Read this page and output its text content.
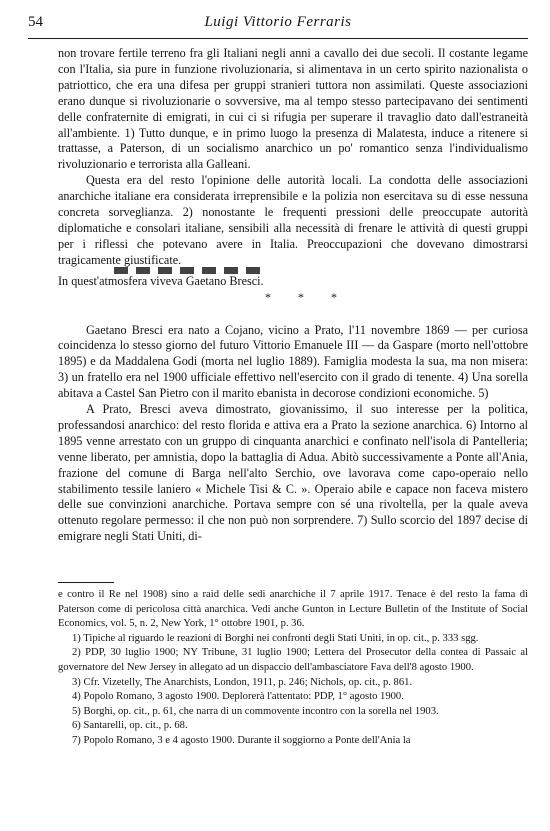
54	Luigi Vittorio Ferraris

non trovare fertile terreno fra gli Italiani negli anni a cavallo dei due secoli. Il costante legame con l'Italia, sia pure in funzione rivoluzionaria, si alimentava in un certo spirito nazionalista o patriottico, che era una difesa per gruppi stranieri tuttora non assimilati. Queste associazioni erano dunque si rivoluzionarie o sovversive, ma al tempo stesso partecipavano dei sentimenti delle confraternite di emigrati, in cui ci si rifugia per superare il travaglio dato dall'estraneità all'ambiente. 1) Tutto dunque, e in primo luogo la presenza di Malatesta, induce a ritenere si trattasse, a Paterson, di un socialismo anarchico un po' romantico senza l'individualismo rivoluzionario e terrorista alla Galleani.

Questa era del resto l'opinione delle autorità locali. La condotta delle associazioni anarchiche italiane era considerata irreprensibile e la polizia non esercitava su di esse nessuna concreta sorveglianza. 2) nonostante le frequenti pressioni delle preoccupate autorità diplomatiche e consolari italiane, sensibili alla necessità di frenare le attività di questi gruppi per i riflessi che potevano avere in Italia. Preoccupazioni che dovevano dimostrarsi tragicamente giustificate.

In quest'atmosfera viveva Gaetano Bresci.

* * *

Gaetano Bresci era nato a Cojano, vicino a Prato, l'11 novembre 1869 — per curiosa coincidenza lo stesso giorno del futuro Vittorio Emanuele III — da Gaspare (morto nell'ottobre 1895) e da Maddalena Godi (morta nel luglio 1889). Famiglia modesta la sua, ma non misera: 3) un fratello era nel 1900 ufficiale effettivo nell'esercito con il grado di tenente. 4) Una sorella abitava a Castel San Pietro con il marito ebanista in decorose condizioni economiche. 5)

A Prato, Bresci aveva dimostrato, giovanissimo, il suo interesse per la politica, professandosi anarchico: del resto florida e attiva era a Prato la sezione anarchica. 6) Intorno al 1895 venne arrestato con un gruppo di cinquanta anarchici e confinato nell'isola di Pantelleria; venne liberato, per amnistia, dopo la battaglia di Adua. Abitò successivamente a Ponte all'Ania, frazione del comune di Barga nell'alto Serchio, ove lavorava come capo-operaio nello stabilimento tessile laniero « Michele Tisi & C. ». Operaio abile e capace non faceva mistero delle sue convinzioni anarchiche. Portava sempre con sé una rivoltella, per la quale aveva ottenuto regolare permesso: il che non può non sorprendere. 7) Sullo scorcio del 1897 decise di emigrare negli Stati Uniti, di-

e contro il Re nel 1908) sino a raid delle sedi anarchiche il 7 aprile 1917. Tenace è del resto la fama di Paterson come di pericolosa città anarchica. Vedi anche Gunton in Lecture Bulletin of the Institute of Social Economics, vol. 5, n. 2, New York, 1° ottobre 1901, p. 36.

1) Tipiche al riguardo le reazioni di Borghi nei confronti degli Stati Uniti, in op. cit., p. 333 sgg.

2) PDP, 30 luglio 1900; NY Tribune, 31 luglio 1900; Lettera del Prosecutor della contea di Passaic al governatore del New Jersey in allegato ad un dispaccio dell'ambasciatore Fava dell'8 agosto 1900.

3) Cfr. Vizetelly, The Anarchists, London, 1911, p. 246; Nichols, op. cit., p. 861.

4) Popolo Romano, 3 agosto 1900. Deplorerà l'attentato: PDP, 1° agosto 1900.

5) Borghi, op. cit., p. 61, che narra di un commovente incontro con la sorella nel 1903.

6) Santarelli, op. cit., p. 68.

7) Popolo Romano, 3 e 4 agosto 1900. Durante il soggiorno a Ponte dell'Ania la
